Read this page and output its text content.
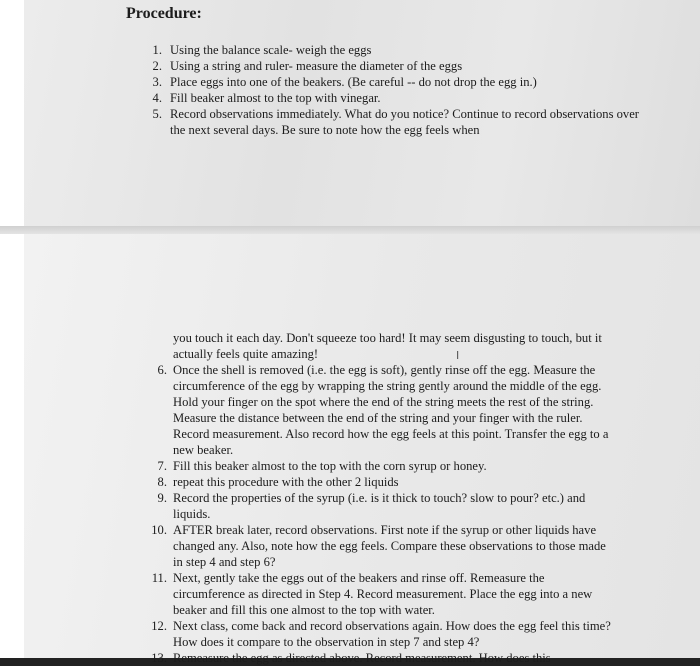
Procedure:
1. Using the balance scale- weigh the eggs
2. Using a string and ruler- measure the diameter of the eggs
3. Place eggs into one of the beakers. (Be careful -- do not drop the egg in.)
4. Fill beaker almost to the top with vinegar.
5. Record observations immediately. What do you notice? Continue to record observations over the next several days. Be sure to note how the egg feels when
you touch it each day. Don't squeeze too hard! It may seem disgusting to touch, but it actually feels quite amazing!
6. Once the shell is removed (i.e. the egg is soft), gently rinse off the egg. Measure the circumference of the egg by wrapping the string gently around the middle of the egg. Hold your finger on the spot where the end of the string meets the rest of the string. Measure the distance between the end of the string and your finger with the ruler. Record measurement. Also record how the egg feels at this point. Transfer the egg to a new beaker.
7. Fill this beaker almost to the top with the corn syrup or honey.
8. repeat this procedure with the other 2 liquids
9. Record the properties of the syrup (i.e. is it thick to touch? slow to pour? etc.) and liquids.
10. AFTER break later, record observations. First note if the syrup or other liquids have changed any. Also, note how the egg feels. Compare these observations to those made in step 4 and step 6?
11. Next, gently take the eggs out of the beakers and rinse off. Remeasure the circumference as directed in Step 4. Record measurement. Place the egg into a new beaker and fill this one almost to the top with water.
12. Next class, come back and record observations again. How does the egg feel this time? How does it compare to the observation in step 7 and step 4?
13. Remeasure the egg as directed above. Record measurement. How does this
I
